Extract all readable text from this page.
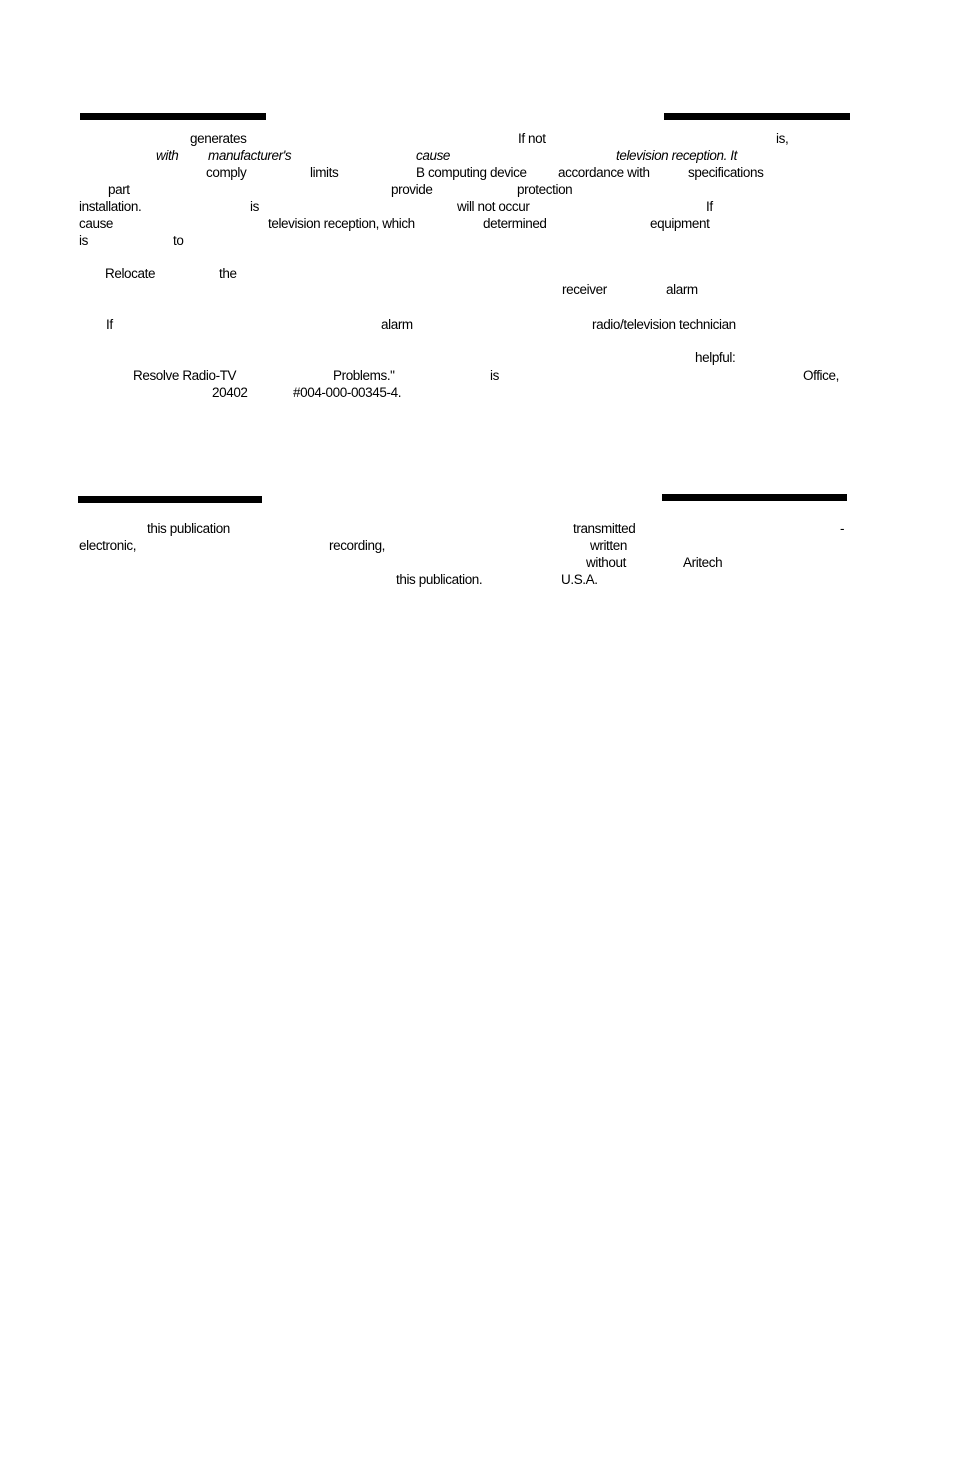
generates	If not	is,
with manufacturer's	cause	television reception. It
comply	limits	B computing device accordance with	specifications
part	provide	protection
installation.	is	will not occur	If
cause	television reception, which	determined	equipment
is	to
Relocate	the
receiver	alarm
If	alarm	radio/television technician
helpful:
Resolve Radio-TV	Problems."	is	Office,
20402	#004-000-00345-4.
this publication	transmitted	-
electronic,	recording,	written
without	Aritech
this publication.	U.S.A.
